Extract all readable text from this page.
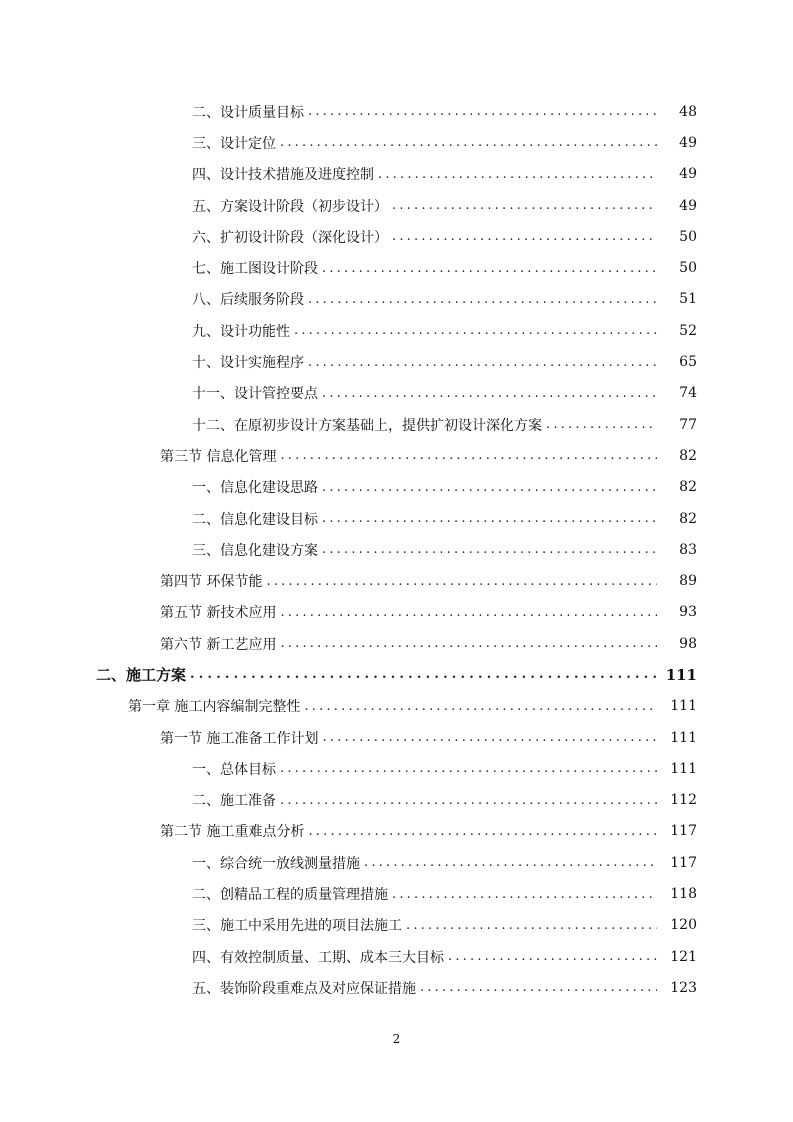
二、设计质量目标 .....	48
三、设计定位 .....	49
四、设计技术措施及进度控制 .....	49
五、方案设计阶段（初步设计） .....	49
六、扩初设计阶段（深化设计） .....	50
七、施工图设计阶段 .....	50
八、后续服务阶段 .....	51
九、设计功能性 .....	52
十、设计实施程序 .....	65
十一、设计管控要点 .....	74
十二、在原初步设计方案基础上，提供扩初设计深化方案 .....	77
第三节 信息化管理 .....	82
一、信息化建设思路 .....	82
二、信息化建设目标 .....	82
三、信息化建设方案 .....	83
第四节 环保节能 .....	89
第五节 新技术应用 .....	93
第六节 新工艺应用 .....	98
二、施工方案 .....	111
第一章 施工内容编制完整性 .....	111
第一节 施工准备工作计划 .....	111
一、总体目标 .....	111
二、施工准备 .....	112
第二节 施工重难点分析 .....	117
一、综合统一放线测量措施 .....	117
二、创精品工程的质量管理措施 .....	118
三、施工中采用先进的项目法施工 .....	120
四、有效控制质量、工期、成本三大目标 .....	121
五、装饰阶段重难点及对应保证措施 .....	123
2
